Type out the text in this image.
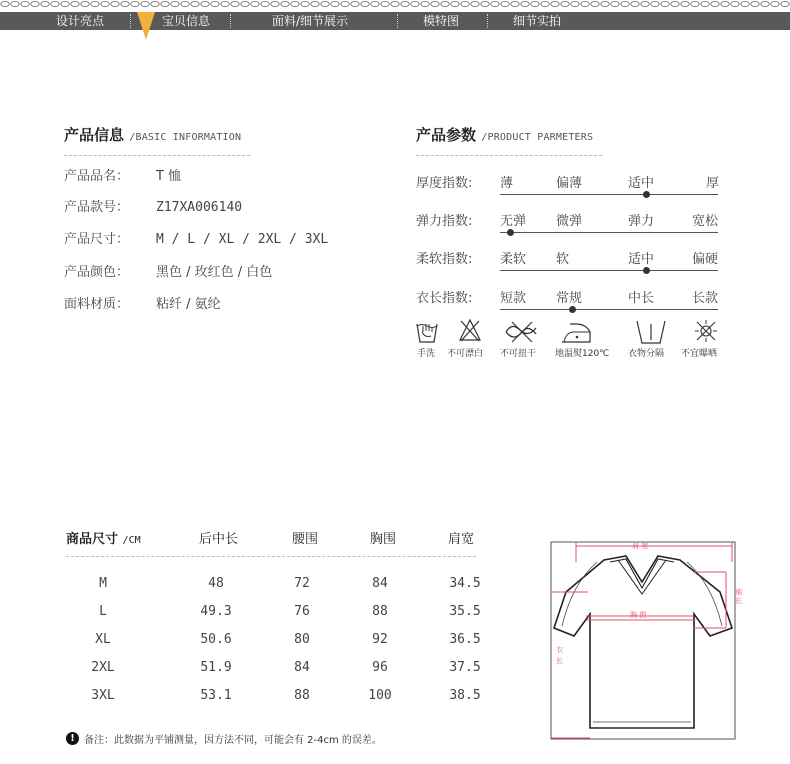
设计亮点	宝贝信息	面料/细节展示	模特图	细节实拍
产品信息 /BASIC INFORMATION
产品品名： T 恤
产品款号： Z17XA006140
产品尺寸： M / L / XL / 2XL / 3XL
产品颜色： 黑色 / 玫红色 / 白色
面料材质： 粘纤 / 氨纶
产品参数 /PRODUCT PARMETERS
厚度指数: 薄	偏薄	适中	厚
弹力指数: 无弹 微弹	弹力	宽松
柔软指数: 柔软 软	适中	偏硬
衣长指数: 短款 常规	中长	长款
手洗 不可漂白 不可扭干 地温熨120℃ 衣物分隔 不宜曝晒
商品尺寸 /CM	后中长	腰围	胸围	肩宽
M	48	72	84	34.5
L	49.3	76	88	35.5
XL	50.6	80	92	36.5
2XL	51.9	84	96	37.5
3XL	53.1	88	100	38.5
! 备注：此数据为平铺测量，因方法不同，可能会有 2-4cm 的误差。
肩 宽
胸 围
袖长
衣长
